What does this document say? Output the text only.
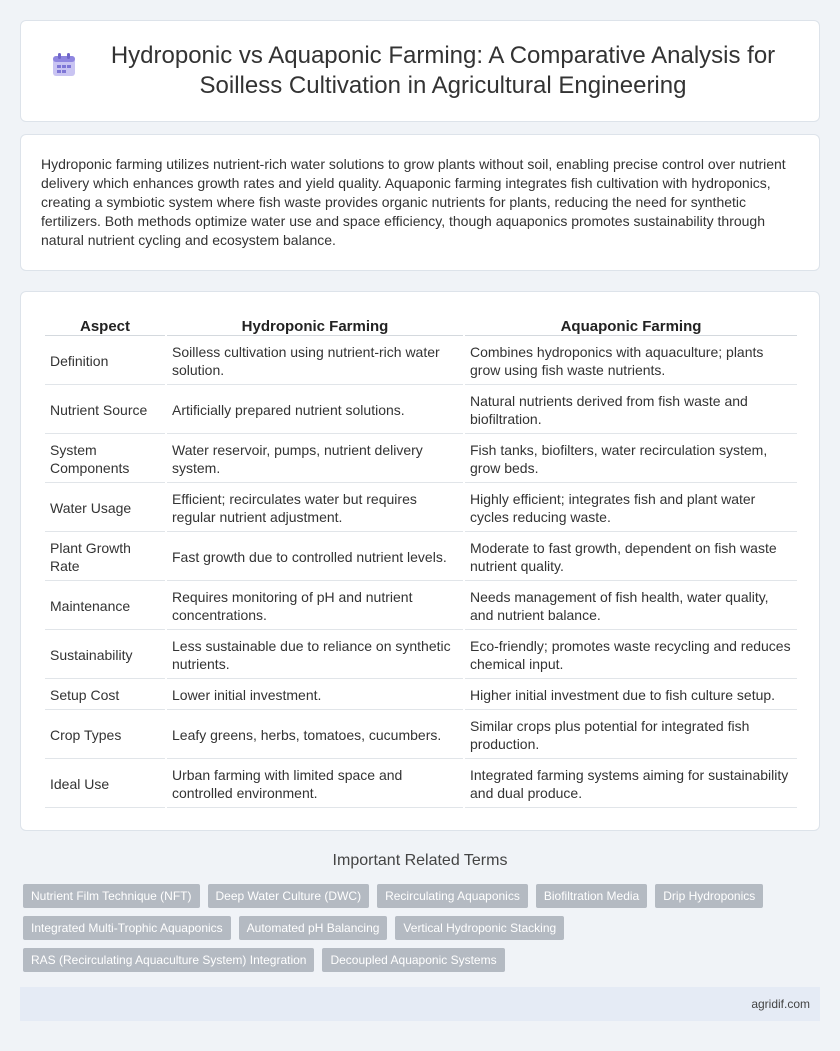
Hydroponic vs Aquaponic Farming: A Comparative Analysis for Soilless Cultivation in Agricultural Engineering

Hydroponic farming utilizes nutrient-rich water solutions to grow plants without soil, enabling precise control over nutrient delivery which enhances growth rates and yield quality. Aquaponic farming integrates fish cultivation with hydroponics, creating a symbiotic system where fish waste provides organic nutrients for plants, reducing the need for synthetic fertilizers. Both methods optimize water use and space efficiency, though aquaponics promotes sustainability through natural nutrient cycling and ecosystem balance.

Aspect	Hydroponic Farming	Aquaponic Farming
Definition	Soilless cultivation using nutrient-rich water solution.	Combines hydroponics with aquaculture; plants grow using fish waste nutrients.
Nutrient Source	Artificially prepared nutrient solutions.	Natural nutrients derived from fish waste and biofiltration.
System Components	Water reservoir, pumps, nutrient delivery system.	Fish tanks, biofilters, water recirculation system, grow beds.
Water Usage	Efficient; recirculates water but requires regular nutrient adjustment.	Highly efficient; integrates fish and plant water cycles reducing waste.
Plant Growth Rate	Fast growth due to controlled nutrient levels.	Moderate to fast growth, dependent on fish waste nutrient quality.
Maintenance	Requires monitoring of pH and nutrient concentrations.	Needs management of fish health, water quality, and nutrient balance.
Sustainability	Less sustainable due to reliance on synthetic nutrients.	Eco-friendly; promotes waste recycling and reduces chemical input.
Setup Cost	Lower initial investment.	Higher initial investment due to fish culture setup.
Crop Types	Leafy greens, herbs, tomatoes, cucumbers.	Similar crops plus potential for integrated fish production.
Ideal Use	Urban farming with limited space and controlled environment.	Integrated farming systems aiming for sustainability and dual produce.
Important Related Terms
Nutrient Film Technique (NFT)	Deep Water Culture (DWC)	Recirculating Aquaponics	Biofiltration Media	Drip Hydroponics
Integrated Multi-Trophic Aquaponics	Automated pH Balancing	Vertical Hydroponic Stacking
RAS (Recirculating Aquaculture System) Integration	Decoupled Aquaponic Systems
agridif.com
